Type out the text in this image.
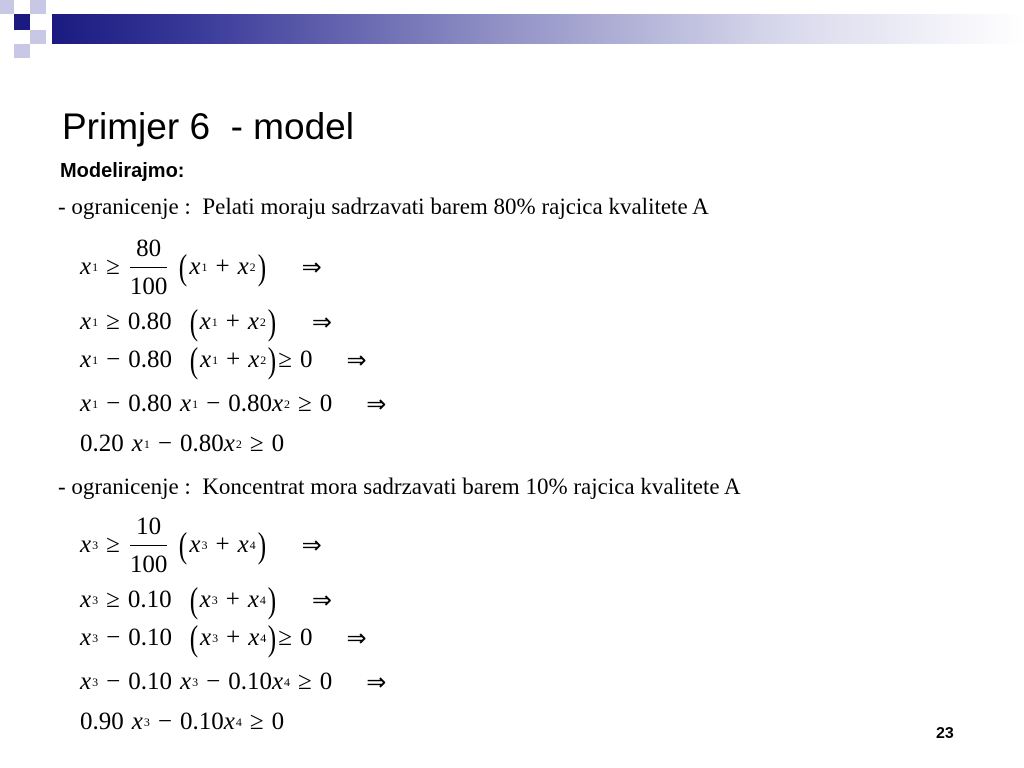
Primjer 6  - model
Modelirajmo:
- ogranicenje :  Pelati moraju sadrzavati barem 80% rajcica kvalitete A
x $1 \ge \frac{80}{100}$ ( x 1 + x 2 ) ⇒
x 1 ≥ 0.80 ( x 1 + x 2 ) ⇒
x 1 − 0.80 ( x 1 + x 2 ) ≥ 0 ⇒
x 1 − 0.80 x 1 − 0.80 x 2 ≥ 0 ⇒
0.20 x 1 − 0.80 x 2 ≥ 0
- ogranicenje :  Koncentrat mora sadrzavati barem 10% rajcica kvalitete A
x $3 \ge \frac{10}{100}$ ( x 3 + x 4 ) ⇒
x 3 ≥ 0.10 ( x 3 + x 4 ) ⇒
x 3 − 0.10 ( x 3 + x 4 ) ≥ 0 ⇒
x 3 − 0.10 x 3 − 0.10 x 4 ≥ 0 ⇒
0.90 x 3 − 0.10 x 4 ≥ 0	23
